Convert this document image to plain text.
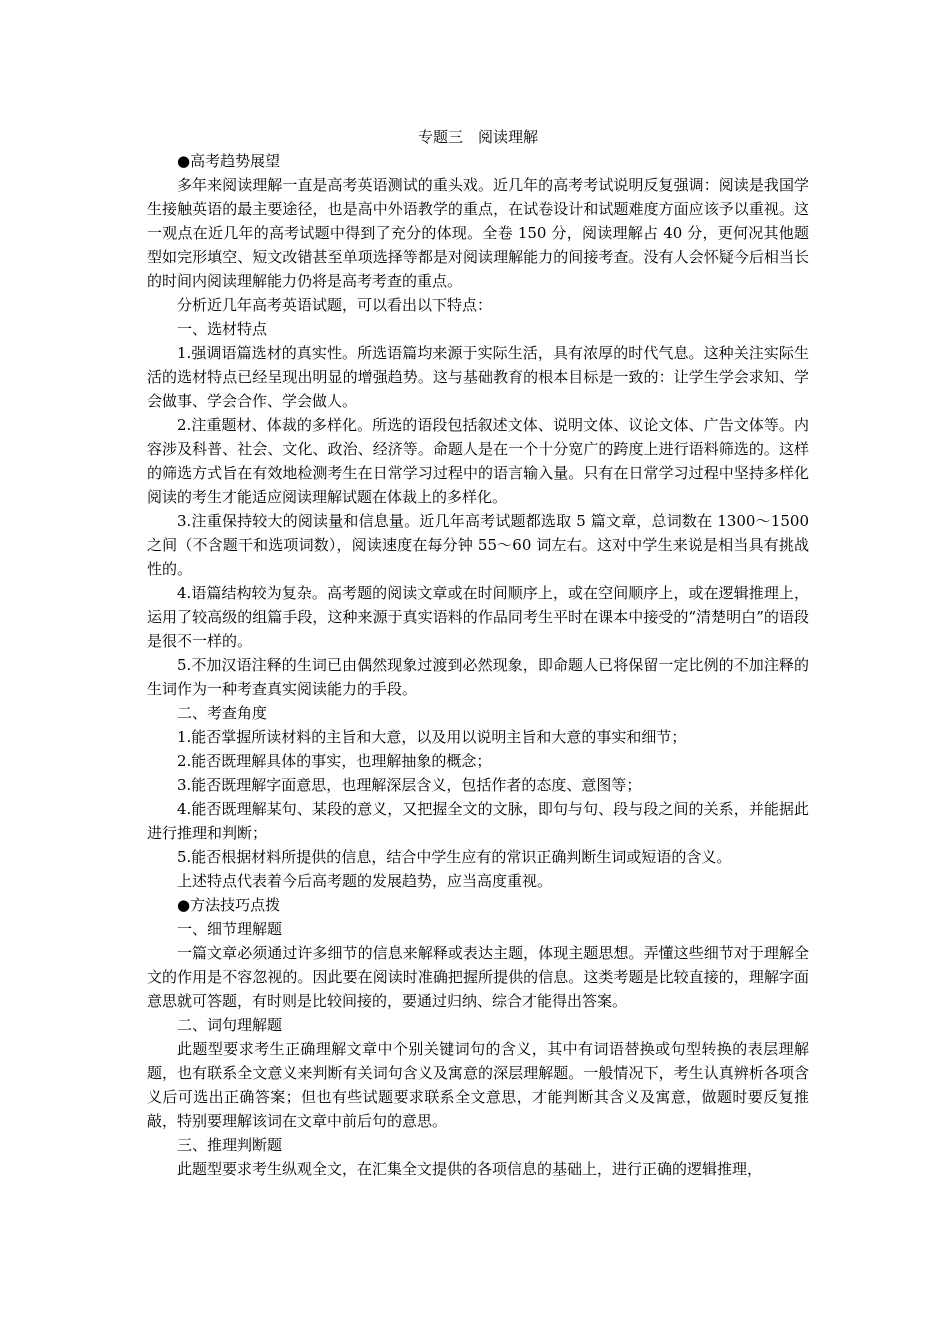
专题三　阅读理解

●高考趋势展望

多年来阅读理解一直是高考英语测试的重头戏。近几年的高考考试说明反复强调：阅读是我国学生接触英语的最主要途径，也是高中外语教学的重点，在试卷设计和试题难度方面应该予以重视。这一观点在近几年的高考试题中得到了充分的体现。全卷 150 分，阅读理解占 40 分，更何况其他题型如完形填空、短文改错甚至单项选择等都是对阅读理解能力的间接考查。没有人会怀疑今后相当长的时间内阅读理解能力仍将是高考考查的重点。

分析近几年高考英语试题，可以看出以下特点：

一、选材特点

1.强调语篇选材的真实性。所选语篇均来源于实际生活，具有浓厚的时代气息。这种关注实际生活的选材特点已经呈现出明显的增强趋势。这与基础教育的根本目标是一致的：让学生学会求知、学会做事、学会合作、学会做人。

2.注重题材、体裁的多样化。所选的语段包括叙述文体、说明文体、议论文体、广告文体等。内容涉及科普、社会、文化、政治、经济等。命题人是在一个十分宽广的跨度上进行语料筛选的。这样的筛选方式旨在有效地检测考生在日常学习过程中的语言输入量。只有在日常学习过程中坚持多样化阅读的考生才能适应阅读理解试题在体裁上的多样化。

3.注重保持较大的阅读量和信息量。近几年高考试题都选取 5 篇文章，总词数在 1300～1500 之间（不含题干和选项词数），阅读速度在每分钟 55～60 词左右。这对中学生来说是相当具有挑战性的。

4.语篇结构较为复杂。高考题的阅读文章或在时间顺序上，或在空间顺序上，或在逻辑推理上，运用了较高级的组篇手段，这种来源于真实语料的作品同考生平时在课本中接受的“清楚明白”的语段是很不一样的。

5.不加汉语注释的生词已由偶然现象过渡到必然现象，即命题人已将保留一定比例的不加注释的生词作为一种考查真实阅读能力的手段。

二、考查角度

1.能否掌握所读材料的主旨和大意，以及用以说明主旨和大意的事实和细节；

2.能否既理解具体的事实，也理解抽象的概念；

3.能否既理解字面意思，也理解深层含义，包括作者的态度、意图等；

4.能否既理解某句、某段的意义，又把握全文的文脉，即句与句、段与段之间的关系，并能据此进行推理和判断；

5.能否根据材料所提供的信息，结合中学生应有的常识正确判断生词或短语的含义。

上述特点代表着今后高考题的发展趋势，应当高度重视。

●方法技巧点拨

一、细节理解题

一篇文章必须通过许多细节的信息来解释或表达主题，体现主题思想。弄懂这些细节对于理解全文的作用是不容忽视的。因此要在阅读时准确把握所提供的信息。这类考题是比较直接的，理解字面意思就可答题，有时则是比较间接的，要通过归纳、综合才能得出答案。

二、词句理解题

此题型要求考生正确理解文章中个别关键词句的含义，其中有词语替换或句型转换的表层理解题，也有联系全文意义来判断有关词句含义及寓意的深层理解题。一般情况下，考生认真辨析各项含义后可选出正确答案；但也有些试题要求联系全文意思，才能判断其含义及寓意，做题时要反复推敲，特别要理解该词在文章中前后句的意思。

三、推理判断题

此题型要求考生纵观全文，在汇集全文提供的各项信息的基础上，进行正确的逻辑推理，
